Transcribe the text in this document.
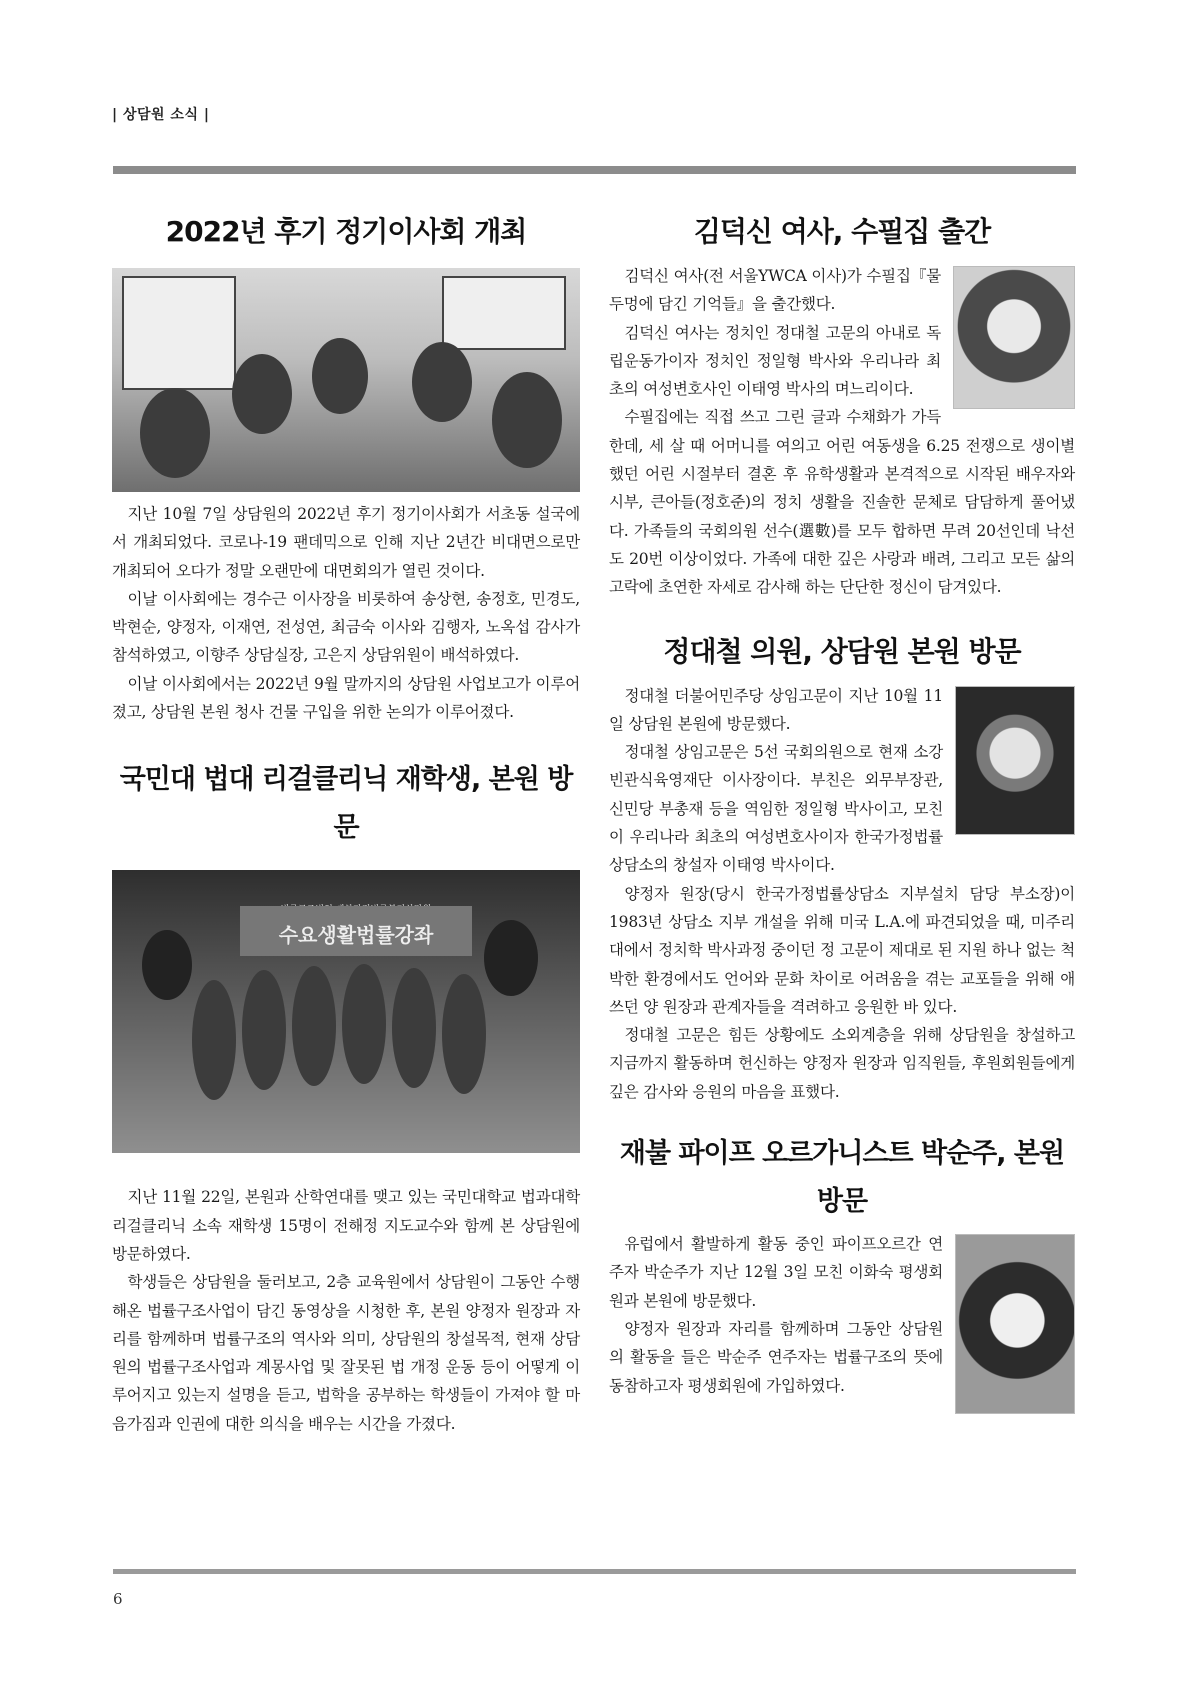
| 상담원 소식 |
2022년 후기 정기이사회 개최

지난 10월 7일 상담원의 2022년 후기 정기이사회가 서초동 설국에서 개최되었다. 코로나-19 팬데믹으로 인해 지난 2년간 비대면으로만 개최되어 오다가 정말 오랜만에 대면회의가 열린 것이다.

이날 이사회에는 경수근 이사장을 비롯하여 송상현, 송정호, 민경도, 박현순, 양정자, 이재연, 전성연, 최금숙 이사와 김행자, 노옥섭 감사가 참석하였고, 이향주 상담실장, 고은지 상담위원이 배석하였다.

이날 이사회에서는 2022년 9월 말까지의 상담원 사업보고가 이루어졌고, 상담원 본원 청사 건물 구입을 위한 논의가 이루어졌다.

국민대 법대 리걸클리닉 재학생, 본원 방문
수요생활법률강좌

지난 11월 22일, 본원과 산학연대를 맺고 있는 국민대학교 법과대학 리걸클리닉 소속 재학생 15명이 전해정 지도교수와 함께 본 상담원에 방문하였다.

학생들은 상담원을 둘러보고, 2층 교육원에서 상담원이 그동안 수행해온 법률구조사업이 담긴 동영상을 시청한 후, 본원 양정자 원장과 자리를 함께하며 법률구조의 역사와 의미, 상담원의 창설목적, 현재 상담원의 법률구조사업과 계몽사업 및 잘못된 법 개정 운동 등이 어떻게 이루어지고 있는지 설명을 듣고, 법학을 공부하는 학생들이 가져야 할 마음가짐과 인권에 대한 의식을 배우는 시간을 가졌다.

김덕신 여사, 수필집 출간

김덕신 여사(전 서울YWCA 이사)가 수필집『물두멍에 담긴 기억들』을 출간했다.

김덕신 여사는 정치인 정대철 고문의 아내로 독립운동가이자 정치인 정일형 박사와 우리나라 최초의 여성변호사인 이태영 박사의 며느리이다.

수필집에는 직접 쓰고 그린 글과 수채화가 가득한데, 세 살 때 어머니를 여의고 어린 여동생을 6.25 전쟁으로 생이별했던 어린 시절부터 결혼 후 유학생활과 본격적으로 시작된 배우자와 시부, 큰아들(정호준)의 정치 생활을 진솔한 문체로 담담하게 풀어냈다. 가족들의 국회의원 선수(選數)를 모두 합하면 무려 20선인데 낙선도 20번 이상이었다. 가족에 대한 깊은 사랑과 배려, 그리고 모든 삶의 고락에 초연한 자세로 감사해 하는 단단한 정신이 담겨있다.

정대철 의원, 상담원 본원 방문

정대철 더불어민주당 상임고문이 지난 10월 11일 상담원 본원에 방문했다.

정대철 상임고문은 5선 국회의원으로 현재 소강빈관식육영재단 이사장이다. 부친은 외무부장관, 신민당 부총재 등을 역임한 정일형 박사이고, 모친이 우리나라 최초의 여성변호사이자 한국가정법률상담소의 창설자 이태영 박사이다.

양정자 원장(당시 한국가정법률상담소 지부설치 담당 부소장)이 1983년 상담소 지부 개설을 위해 미국 L.A.에 파견되었을 때, 미주리대에서 정치학 박사과정 중이던 정 고문이 제대로 된 지원 하나 없는 척박한 환경에서도 언어와 문화 차이로 어려움을 겪는 교포들을 위해 애쓰던 양 원장과 관계자들을 격려하고 응원한 바 있다.

정대철 고문은 힘든 상황에도 소외계층을 위해 상담원을 창설하고 지금까지 활동하며 헌신하는 양정자 원장과 임직원들, 후원회원들에게 깊은 감사와 응원의 마음을 표했다.

재불 파이프 오르가니스트 박순주, 본원 방문

유럽에서 활발하게 활동 중인 파이프오르간 연주자 박순주가 지난 12월 3일 모친 이화숙 평생회원과 본원에 방문했다.

양정자 원장과 자리를 함께하며 그동안 상담원의 활동을 들은 박순주 연주자는 법률구조의 뜻에 동참하고자 평생회원에 가입하였다.

6
